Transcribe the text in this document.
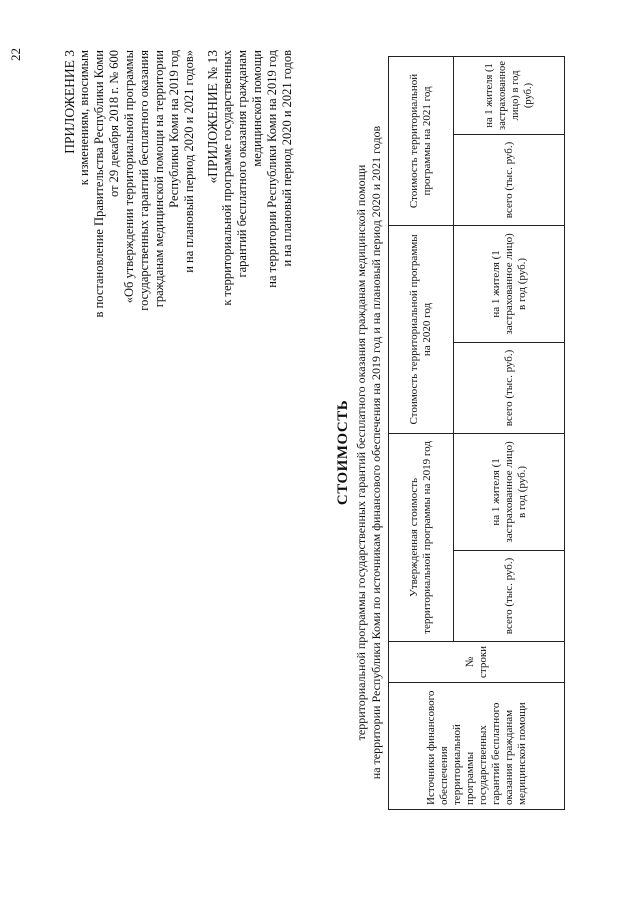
22	ПРИЛОЖЕНИЕ 3 к изменениям, вносимым в постановление Правительства Республики Коми от 29 декабря 2018 г. № 600 «Об утверждении территориальной программы государственных гарантий бесплатного оказания гражданам медицинской помощи на территории Республики Коми на 2019 год и на плановый период 2020 и 2021 годов» «ПРИЛОЖЕНИЕ № 13 к территориальной программе государственных гарантий бесплатного оказания гражданам медицинской помощи на территории Республики Коми на 2019 год и на плановый период 2020 и 2021 годов
СТОИМОСТЬ территориальной программы государственных гарантий бесплатного оказания гражданам медицинской помощи на территории Республики Коми по источникам финансового обеспечения на 2019 год и на плановый период 2020 и 2021 годов	Источники финансового обеспечения территориальной программы государственных гарантий бесплатного оказания гражданам медицинской помощи	№ строки	Утвержденная стоимость территориальной программы на 2019 год		Стоимость территориальной программы на 2020 год		Стоимость территориальной программы на 2021 год	
		всего (тыс. руб.)	на 1 жителя (1 застрахованное лицо) в год (руб.)	всего (тыс. руб.)	на 1 жителя (1 застрахованное лицо) в год (руб.)	всего (тыс. руб.)	на 1 жителя (1 застрахованное лицо) в год (руб.)
